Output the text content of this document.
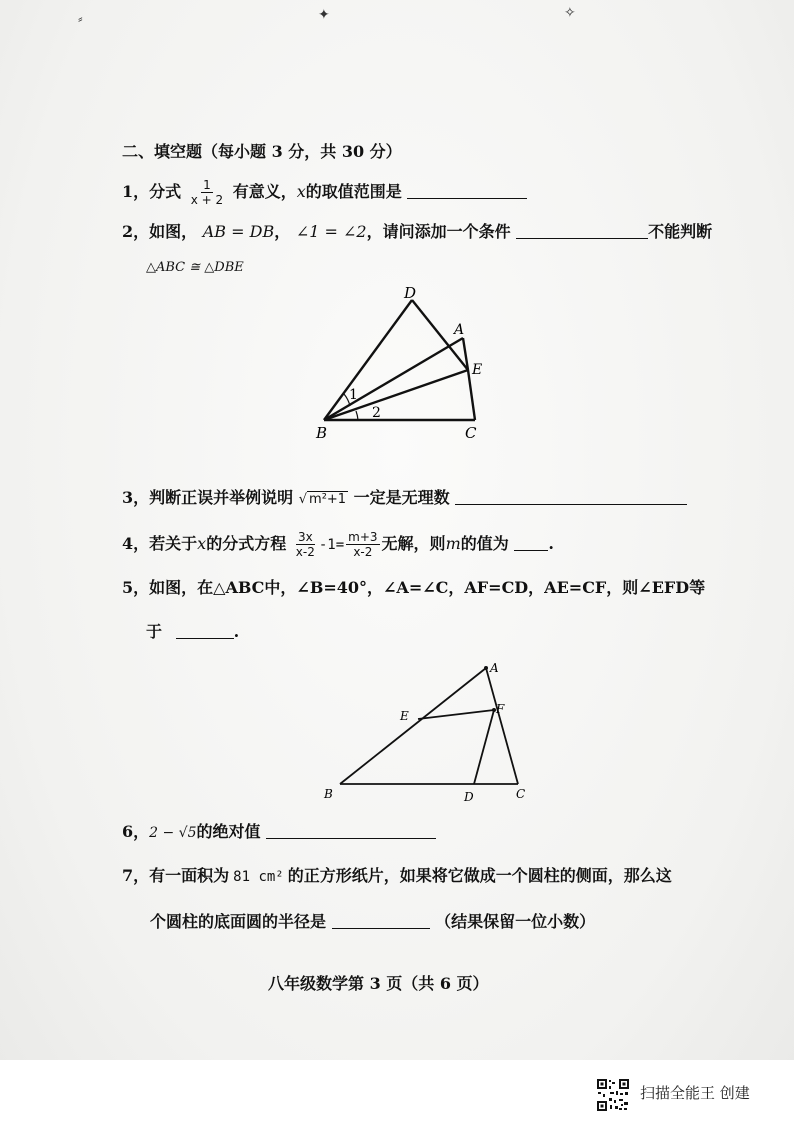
⸗	✦	✧
二、填空题（每小题 3 分，共 30 分）
1，分式 $\frac{1}{x + 2}$ 有意义，x的取值范围是
2，如图， AB = DB， ∠1 = ∠2，请问添加一个条件	不能判断
△ABC ≅ △DBE
D
A
E
B	C
1
2
3，判断正误并举例说明 √ m²+1 一定是无理数
4，若关于x的分式方程 $\frac{3x}{x-2} -1= \frac{m+3}{x-2}$ 无解，则m的值为 .
5，如图，在△ABC中，∠B=40°，∠A=∠C，AF=CD，AE=CF，则∠EFD等
于	.
A
E	F
B	D	C
6，2 − √5的绝对值
7，有一面积为 81 cm² 的正方形纸片，如果将它做成一个圆柱的侧面，那么这
个圆柱的底面圆的半径是	（结果保留一位小数）
八年级数学第 3 页（共 6 页）
扫描全能王 创建
